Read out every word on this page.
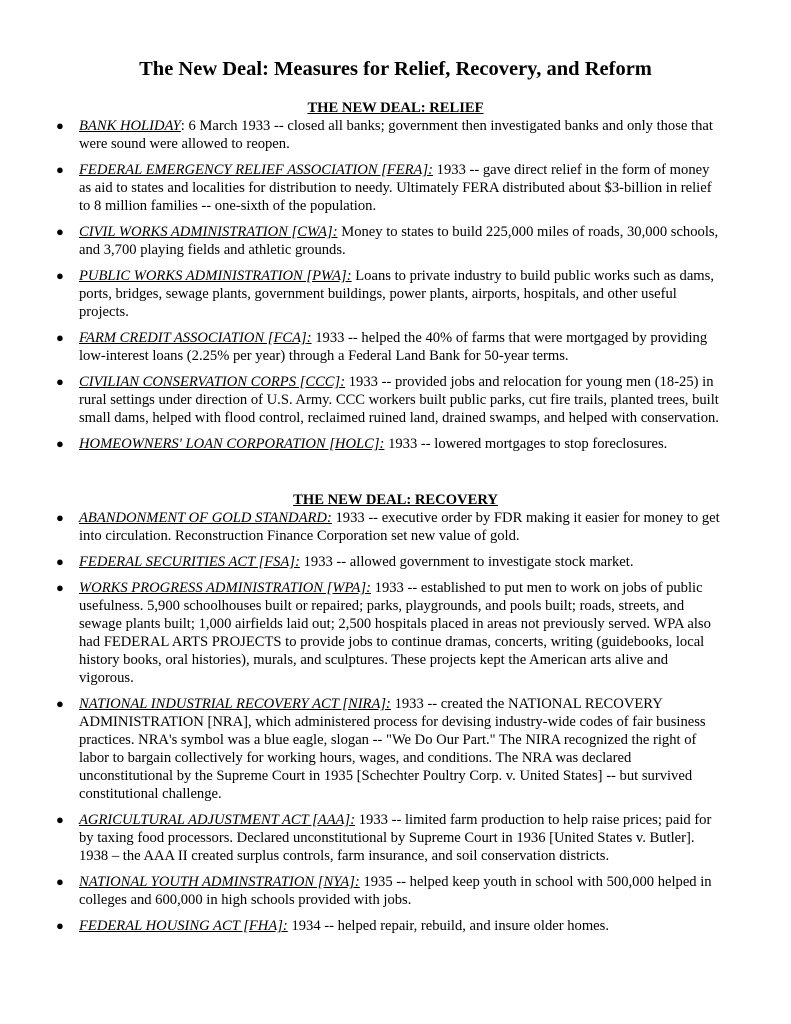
The New Deal: Measures for Relief, Recovery, and Reform
THE NEW DEAL: RELIEF
● BANK HOLIDAY: 6 March 1933 -- closed all banks; government then investigated banks and only those that were sound were allowed to reopen.
● FEDERAL EMERGENCY RELIEF ASSOCIATION [FERA]: 1933 -- gave direct relief in the form of money as aid to states and localities for distribution to needy. Ultimately FERA distributed about $3-billion in relief to 8 million families -- one-sixth of the population.
● CIVIL WORKS ADMINISTRATION [CWA]: Money to states to build 225,000 miles of roads, 30,000 schools, and 3,700 playing fields and athletic grounds.
● PUBLIC WORKS ADMINISTRATION [PWA]: Loans to private industry to build public works such as dams, ports, bridges, sewage plants, government buildings, power plants, airports, hospitals, and other useful projects.
● FARM CREDIT ASSOCIATION [FCA]: 1933 -- helped the 40% of farms that were mortgaged by providing low-interest loans (2.25% per year) through a Federal Land Bank for 50-year terms.
● CIVILIAN CONSERVATION CORPS [CCC]: 1933 -- provided jobs and relocation for young men (18-25) in rural settings under direction of U.S. Army. CCC workers built public parks, cut fire trails, planted trees, built small dams, helped with flood control, reclaimed ruined land, drained swamps, and helped with conservation.
● HOMEOWNERS' LOAN CORPORATION [HOLC]: 1933 -- lowered mortgages to stop foreclosures.
THE NEW DEAL: RECOVERY
● ABANDONMENT OF GOLD STANDARD: 1933 -- executive order by FDR making it easier for money to get into circulation. Reconstruction Finance Corporation set new value of gold.
● FEDERAL SECURITIES ACT [FSA]: 1933 -- allowed government to investigate stock market.
● WORKS PROGRESS ADMINISTRATION [WPA]: 1933 -- established to put men to work on jobs of public usefulness. 5,900 schoolhouses built or repaired; parks, playgrounds, and pools built; roads, streets, and sewage plants built; 1,000 airfields laid out; 2,500 hospitals placed in areas not previously served. WPA also had FEDERAL ARTS PROJECTS to provide jobs to continue dramas, concerts, writing (guidebooks, local history books, oral histories), murals, and sculptures. These projects kept the American arts alive and vigorous.
● NATIONAL INDUSTRIAL RECOVERY ACT [NIRA]: 1933 -- created the NATIONAL RECOVERY ADMINISTRATION [NRA], which administered process for devising industry-wide codes of fair business practices. NRA's symbol was a blue eagle, slogan -- "We Do Our Part." The NIRA recognized the right of labor to bargain collectively for working hours, wages, and conditions. The NRA was declared unconstitutional by the Supreme Court in 1935 [Schechter Poultry Corp. v. United States] -- but survived constitutional challenge.
● AGRICULTURAL ADJUSTMENT ACT [AAA]: 1933 -- limited farm production to help raise prices; paid for by taxing food processors. Declared unconstitutional by Supreme Court in 1936 [United States v. Butler]. 1938 – the AAA II created surplus controls, farm insurance, and soil conservation districts.
● NATIONAL YOUTH ADMINSTRATION [NYA]: 1935 -- helped keep youth in school with 500,000 helped in colleges and 600,000 in high schools provided with jobs.
● FEDERAL HOUSING ACT [FHA]: 1934 -- helped repair, rebuild, and insure older homes.
